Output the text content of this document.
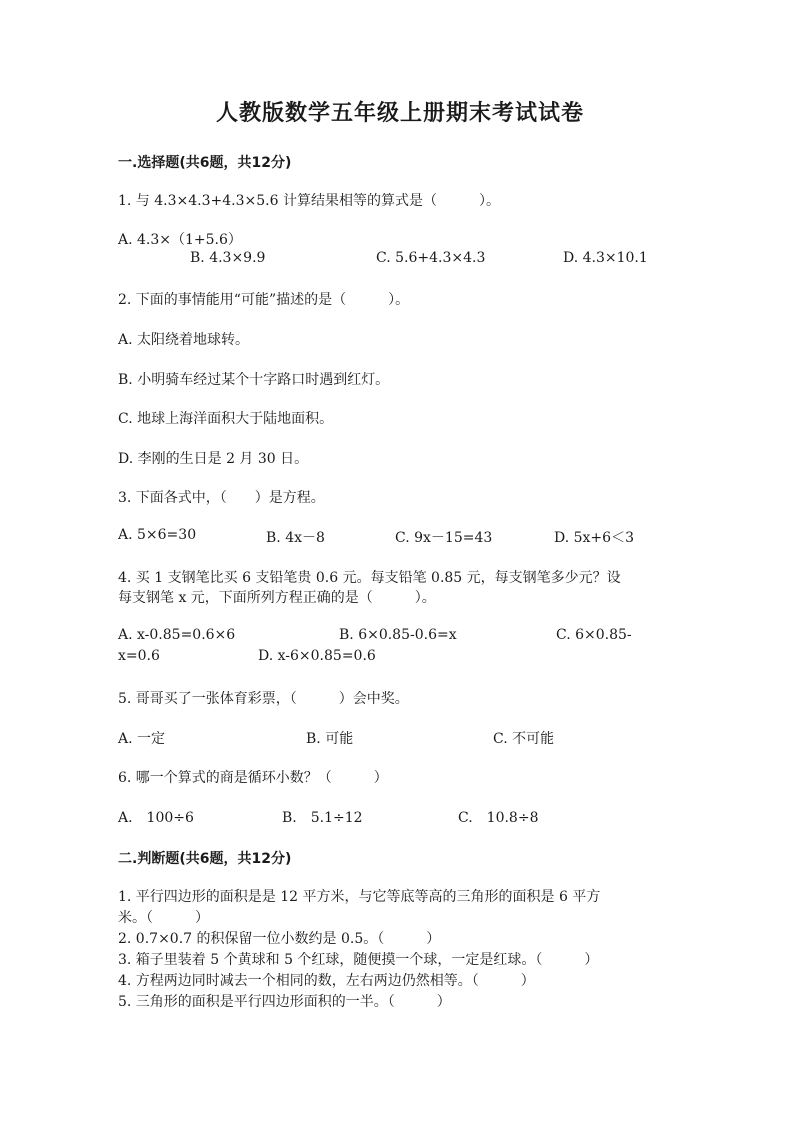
人教版数学五年级上册期末考试试卷
一.选择题(共6题，共12分)
1. 与 4.3×4.3+4.3×5.6 计算结果相等的算式是（　　　）。
A. 4.3×（1+5.6）
B. 4.3×9.9	C. 5.6+4.3×4.3	D. 4.3×10.1
2. 下面的事情能用“可能”描述的是（　　　）。
A. 太阳绕着地球转。
B. 小明骑车经过某个十字路口时遇到红灯。
C. 地球上海洋面积大于陆地面积。
D. 李刚的生日是 2 月 30 日。
3. 下面各式中，（　　）是方程。
A. 5×6=30	B. 4x－8	C. 9x－15=43	D. 5x+6＜3
4. 买 1 支钢笔比买 6 支铅笔贵 0.6 元。每支铅笔 0.85 元，每支钢笔多少元？设
每支钢笔 x 元，下面所列方程正确的是（　　　）。
A. x-0.85=0.6×6	B. 6×0.85-0.6=x	C. 6×0.85-
x=0.6	D. x-6×0.85=0.6
5. 哥哥买了一张体育彩票，（　　　）会中奖。
A. 一定	B. 可能	C. 不可能
6. 哪一个算式的商是循环小数？（　　　）
A.　100÷6	B.　5.1÷12	C.　10.8÷8
二.判断题(共6题，共12分)
1. 平行四边形的面积是是 12 平方米，与它等底等高的三角形的面积是 6 平方
米。（　　　）
2. 0.7×0.7 的积保留一位小数约是 0.5。（　　　）
3. 箱子里装着 5 个黄球和 5 个红球，随便摸一个球，一定是红球。（　　　）
4. 方程两边同时减去一个相同的数，左右两边仍然相等。（　　　）
5. 三角形的面积是平行四边形面积的一半。（　　　）
